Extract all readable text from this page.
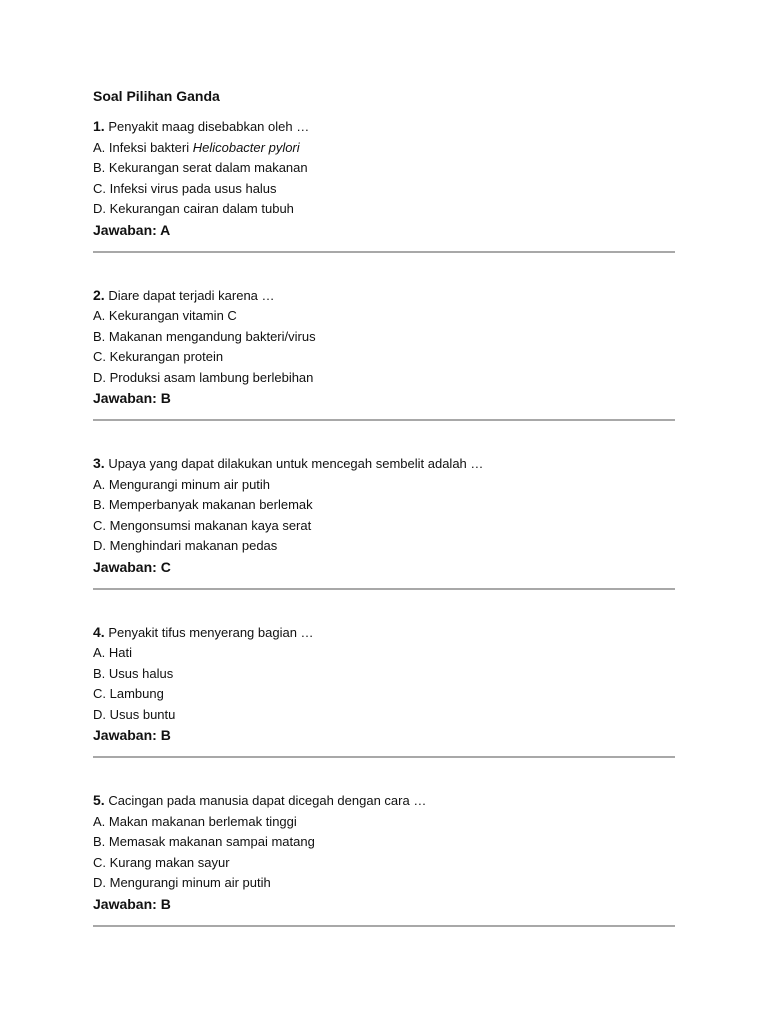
Soal Pilihan Ganda
1. Penyakit maag disebabkan oleh …
A. Infeksi bakteri Helicobacter pylori
B. Kekurangan serat dalam makanan
C. Infeksi virus pada usus halus
D. Kekurangan cairan dalam tubuh
Jawaban: A
2. Diare dapat terjadi karena …
A. Kekurangan vitamin C
B. Makanan mengandung bakteri/virus
C. Kekurangan protein
D. Produksi asam lambung berlebihan
Jawaban: B
3. Upaya yang dapat dilakukan untuk mencegah sembelit adalah …
A. Mengurangi minum air putih
B. Memperbanyak makanan berlemak
C. Mengonsumsi makanan kaya serat
D. Menghindari makanan pedas
Jawaban: C
4. Penyakit tifus menyerang bagian …
A. Hati
B. Usus halus
C. Lambung
D. Usus buntu
Jawaban: B
5. Cacingan pada manusia dapat dicegah dengan cara …
A. Makan makanan berlemak tinggi
B. Memasak makanan sampai matang
C. Kurang makan sayur
D. Mengurangi minum air putih
Jawaban: B
